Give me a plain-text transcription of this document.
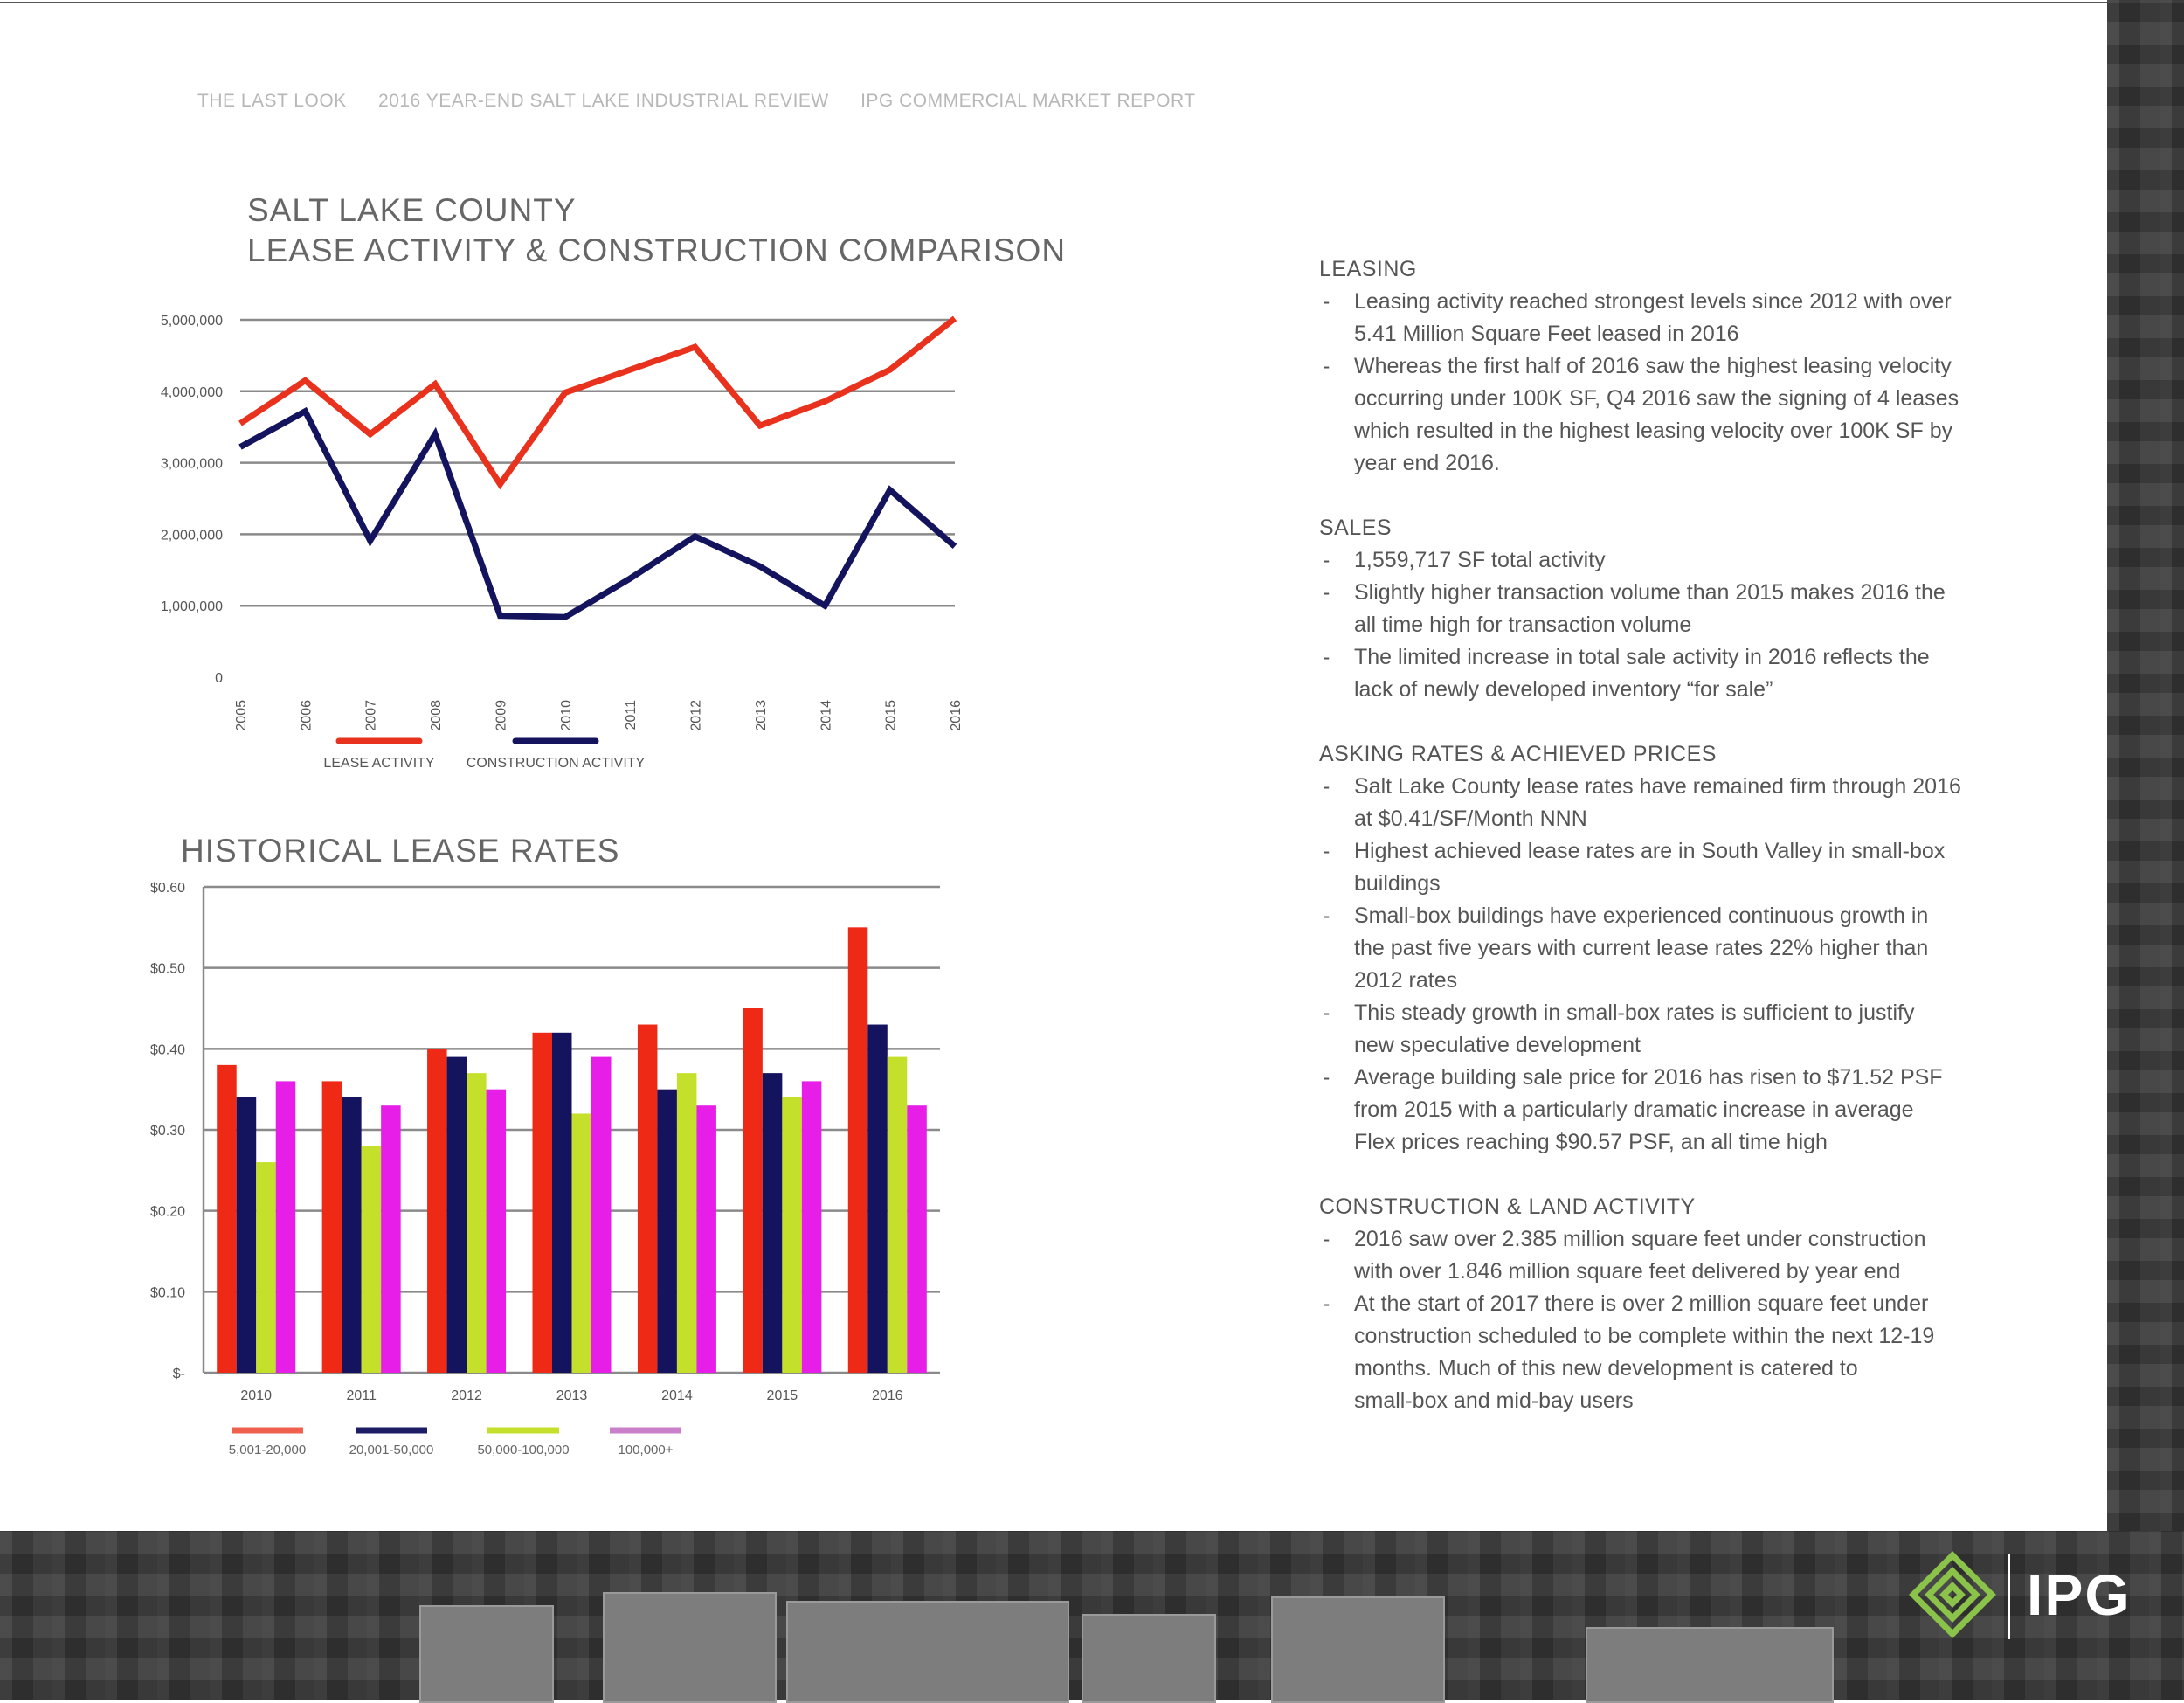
THE LAST LOOK 2016 YEAR-END SALT LAKE INDUSTRIAL REVIEW IPG COMMERCIAL MARKET REPORT
SALT LAKE COUNTY
LEASE ACTIVITY & CONSTRUCTION COMPARISON
HISTORICAL LEASE RATES
0
1,000,000
2,000,000
3,000,000
4,000,000
5,000,000
2005	2006	2007	2008	2009	2010	2011	2012	2013	2014	2015	2016
LEASE ACTIVITY CONSTRUCTION ACTIVITY
$-
$0.10
$0.20
$0.30
$0.40
$0.50
$0.60
2010	2011	2012	2013	2014	2015	2016
5,001-20,000	20,001-50,000	50,000-100,000	100,000+
LEASING
- Leasing activity reached strongest levels since 2012 with over
5.41 Million Square Feet leased in 2016
- Whereas the first half of 2016 saw the highest leasing velocity
occurring under 100K SF, Q4 2016 saw the signing of 4 leases
which resulted in the highest leasing velocity over 100K SF by
year end 2016.
SALES
- 1,559,717 SF total activity
- Slightly higher transaction volume than 2015 makes 2016 the
all time high for transaction volume
- The limited increase in total sale activity in 2016 reflects the
lack of newly developed inventory “for sale”
ASKING RATES & ACHIEVED PRICES
- Salt Lake County lease rates have remained firm through 2016
at $0.41/SF/Month NNN
- Highest achieved lease rates are in South Valley in small-box
buildings
- Small-box buildings have experienced continuous growth in
the past five years with current lease rates 22% higher than
2012 rates
- This steady growth in small-box rates is sufficient to justify
new speculative development
- Average building sale price for 2016 has risen to $71.52 PSF
from 2015 with a particularly dramatic increase in average
Flex prices reaching $90.57 PSF, an all time high
CONSTRUCTION & LAND ACTIVITY
- 2016 saw over 2.385 million square feet under construction
with over 1.846 million square feet delivered by year end
- At the start of 2017 there is over 2 million square feet under
construction scheduled to be complete within the next 12-19
months. Much of this new development is catered to
small-box and mid-bay users
IPG
